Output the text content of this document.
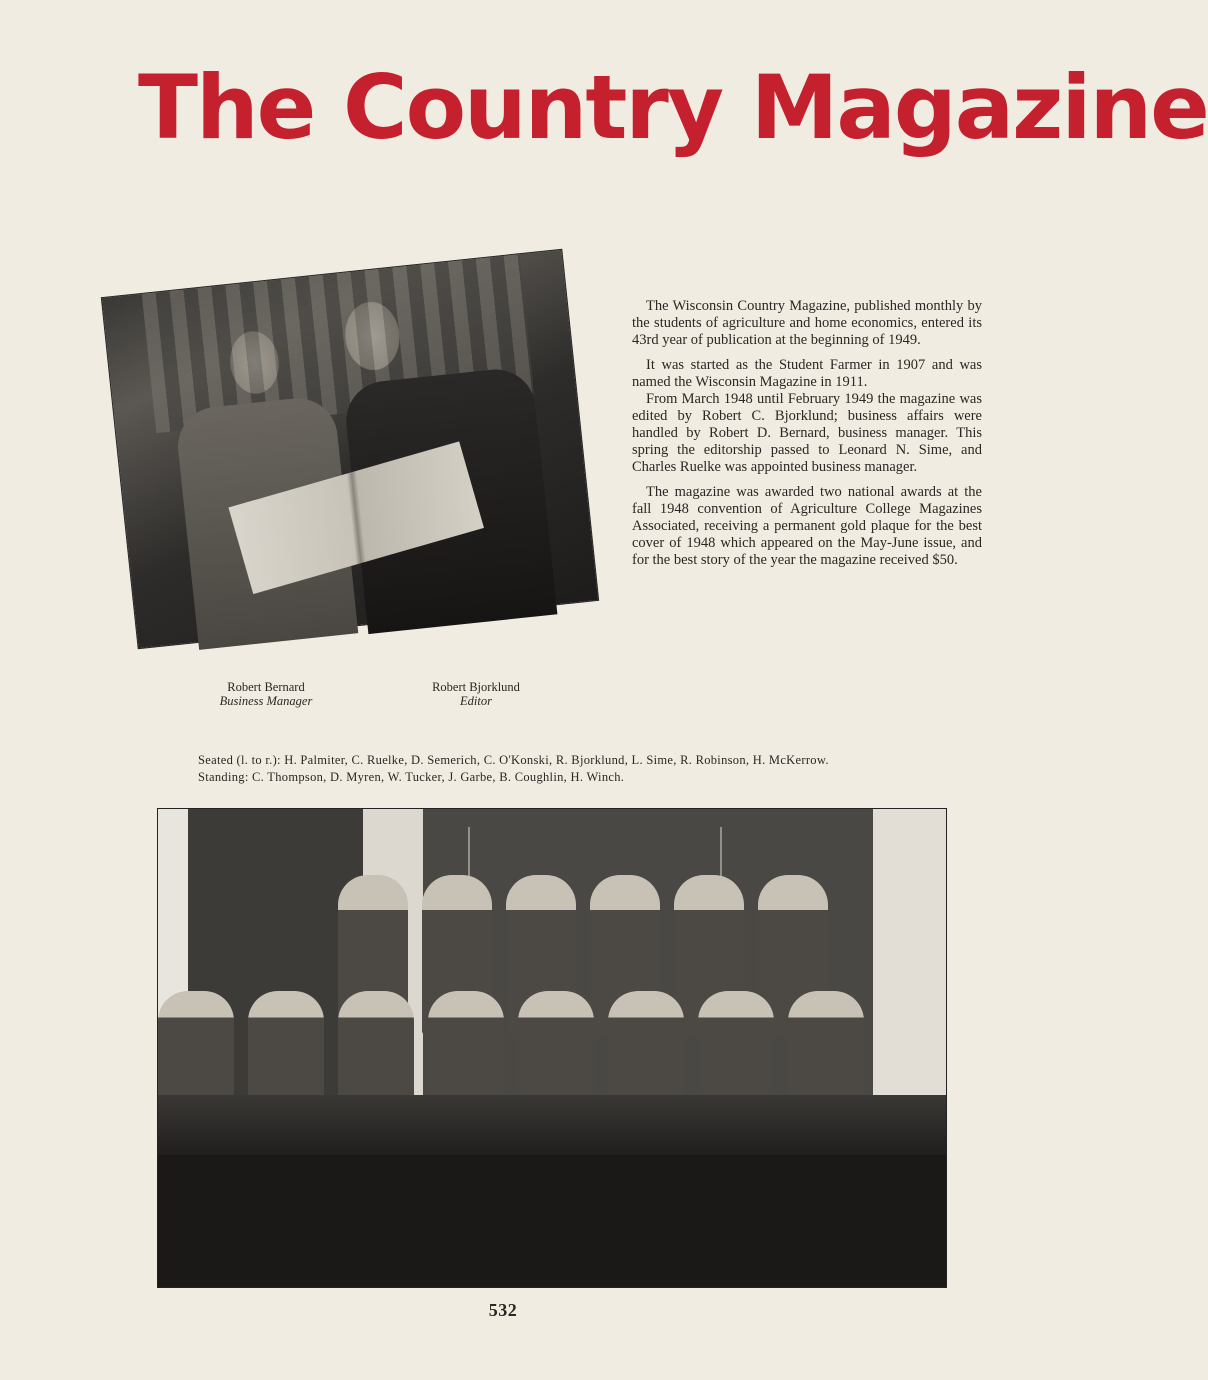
The Country Magazine
Robert Bernard
Business Manager
Robert Bjorklund
Editor

The Wisconsin Country Magazine, published monthly by the students of agriculture and home economics, entered its 43rd year of publication at the beginning of 1949.

It was started as the Student Farmer in 1907 and was named the Wisconsin Magazine in 1911.

From March 1948 until February 1949 the magazine was edited by Robert C. Bjorklund; business affairs were handled by Robert D. Bernard, business manager. This spring the editorship passed to Leonard N. Sime, and Charles Ruelke was appointed business manager.

The magazine was awarded two national awards at the fall 1948 convention of Agriculture College Magazines Associated, receiving a permanent gold plaque for the best cover of 1948 which appeared on the May-June issue, and for the best story of the year the magazine received $50.

Seated (l. to r.): H. Palmiter, C. Ruelke, D. Semerich, C. O'Konski, R. Bjorklund, L. Sime, R. Robinson, H. McKerrow.
Standing: C. Thompson, D. Myren, W. Tucker, J. Garbe, B. Coughlin, H. Winch.
532
